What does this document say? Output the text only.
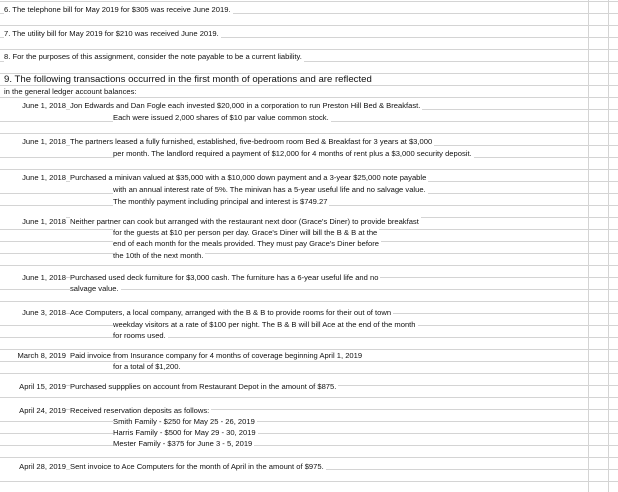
6. The telephone bill for May 2019 for $305 was receive June 2019.
7. The utility bill for May 2019 for $210 was received June 2019.
8. For the purposes of this assignment, consider the note payable to be a current liability.
9. The following transactions occurred in the first month of operations and are reflected
in the general ledger account balances:
June 1, 2018 Jon Edwards and Dan Fogle each invested $20,000 in a corporation to run Preston Hill Bed & Breakfast.
Each were issued 2,000 shares of $10 par value common stock.
June 1, 2018 The partners leased a fully furnished, established, five-bedroom room Bed & Breakfast for 3 years at $3,000
per month. The landlord required a payment of $12,000 for 4 months of rent plus a $3,000 security deposit.
June 1, 2018 Purchased a minivan valued at $35,000 with a $10,000 down payment and a 3-year $25,000 note payable
with an annual interest rate of 5%. The minivan has a 5-year useful life and no salvage value.
The monthly payment including principal and interest is $749.27
June 1, 2018 Neither partner can cook but arranged with the restaurant next door (Grace's Diner) to provide breakfast
for the guests at $10 per person per day. Grace's Diner will bill the B & B at the
end of each month for the meals provided. They must pay Grace's Diner before
the 10th of the next month.
June 1, 2018 Purchased used deck furniture for $3,000 cash. The furniture has a 6-year useful life and no
salvage value.
June 3, 2018 Ace Computers, a local company, arranged with the B & B to provide rooms for their out of town
weekday visitors at a rate of $100 per night. The B & B will bill Ace at the end of the month
for rooms used.
March 8, 2019 Paid invoice from Insurance company for 4 months of coverage beginning April 1, 2019
for a total of $1,200.
April 15, 2019 Purchased suppplies on account from Restaurant Depot in the amount of $875.
April 24, 2019 Received reservation deposits as follows:
Smith Family - $250 for May 25 - 26, 2019
Harris Family - $500 for May 29 - 30, 2019
Mester Family - $375 for June 3 - 5, 2019
April 28, 2019 Sent invoice to Ace Computers for the month of April in the amount of $975.
